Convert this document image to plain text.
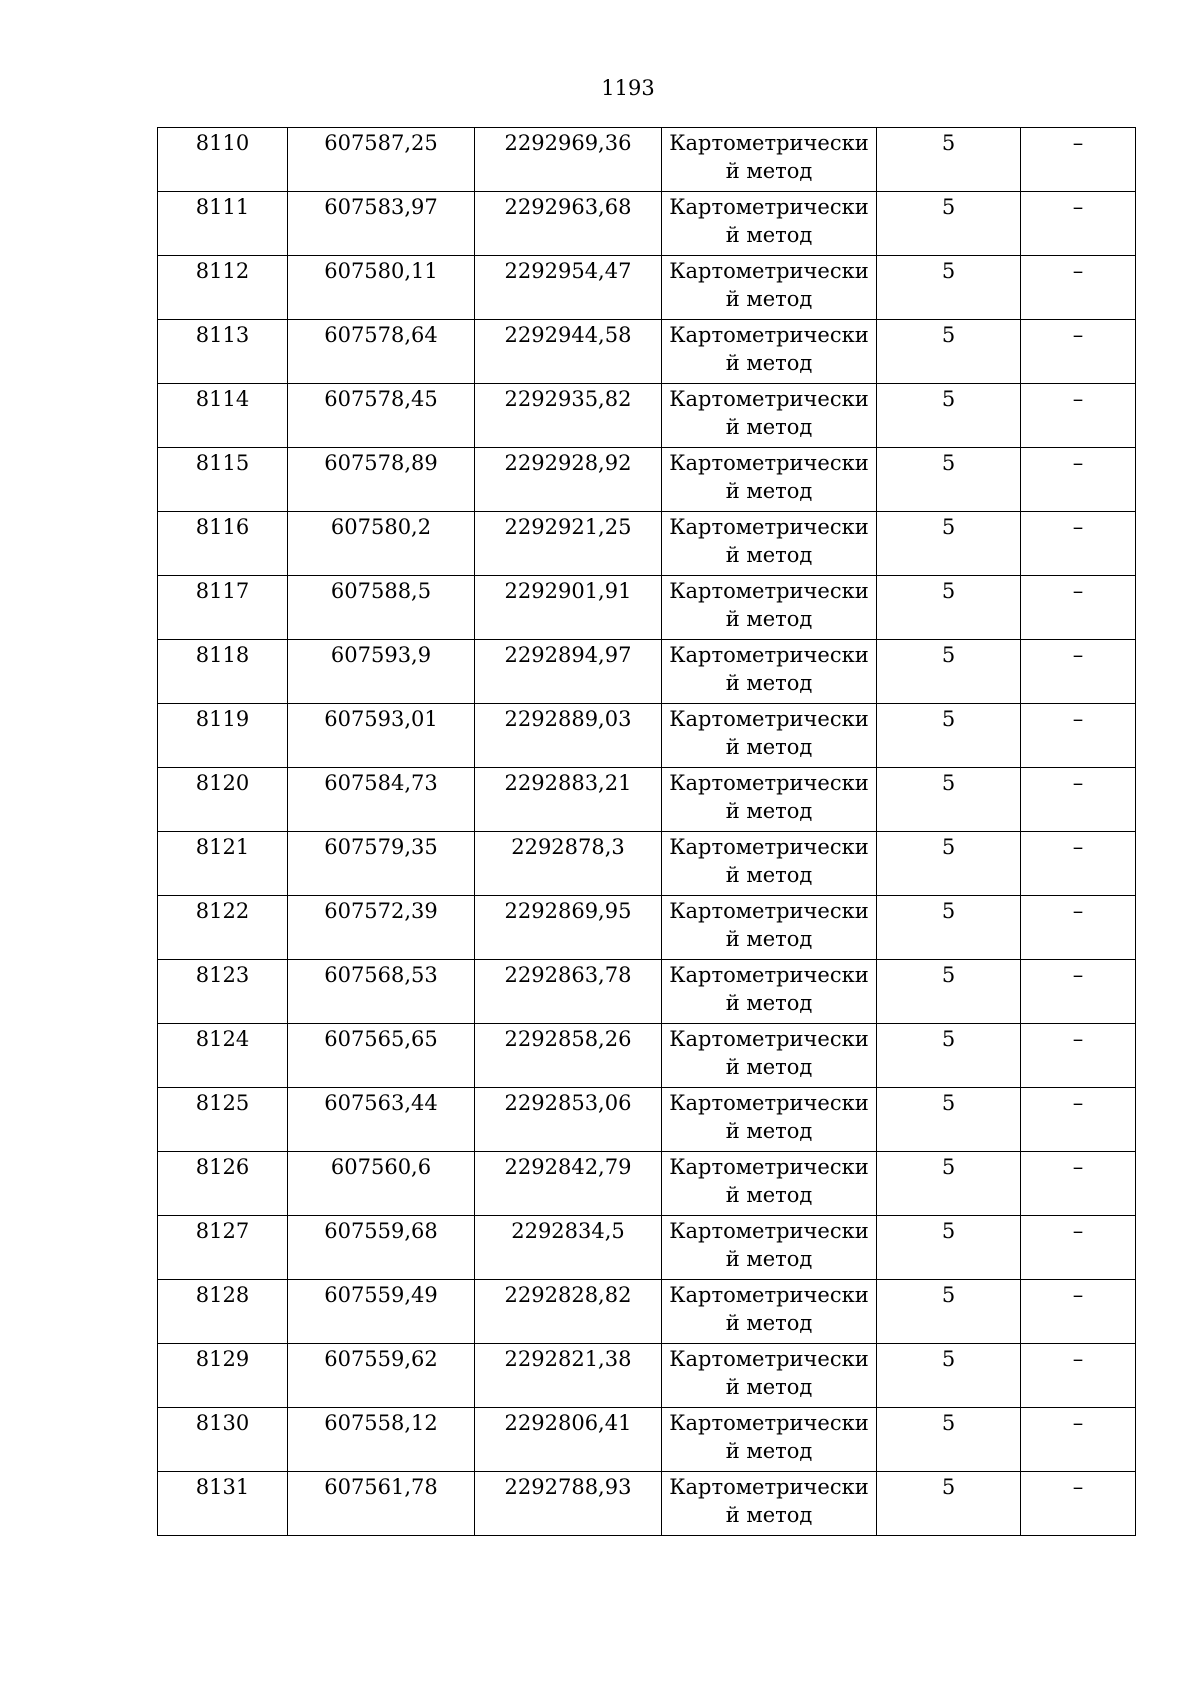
1193
8110	607587,25	2292969,36	Картометрически й метод	5	–
8111	607583,97	2292963,68	Картометрически й метод	5	–
8112	607580,11	2292954,47	Картометрически й метод	5	–
8113	607578,64	2292944,58	Картометрически й метод	5	–
8114	607578,45	2292935,82	Картометрически й метод	5	–
8115	607578,89	2292928,92	Картометрически й метод	5	–
8116	607580,2	2292921,25	Картометрически й метод	5	–
8117	607588,5	2292901,91	Картометрически й метод	5	–
8118	607593,9	2292894,97	Картометрически й метод	5	–
8119	607593,01	2292889,03	Картометрически й метод	5	–
8120	607584,73	2292883,21	Картометрически й метод	5	–
8121	607579,35	2292878,3	Картометрически й метод	5	–
8122	607572,39	2292869,95	Картометрически й метод	5	–
8123	607568,53	2292863,78	Картометрически й метод	5	–
8124	607565,65	2292858,26	Картометрически й метод	5	–
8125	607563,44	2292853,06	Картометрически й метод	5	–
8126	607560,6	2292842,79	Картометрически й метод	5	–
8127	607559,68	2292834,5	Картометрически й метод	5	–
8128	607559,49	2292828,82	Картометрически й метод	5	–
8129	607559,62	2292821,38	Картометрически й метод	5	–
8130	607558,12	2292806,41	Картометрически й метод	5	–
8131	607561,78	2292788,93	Картометрически й метод	5	–
